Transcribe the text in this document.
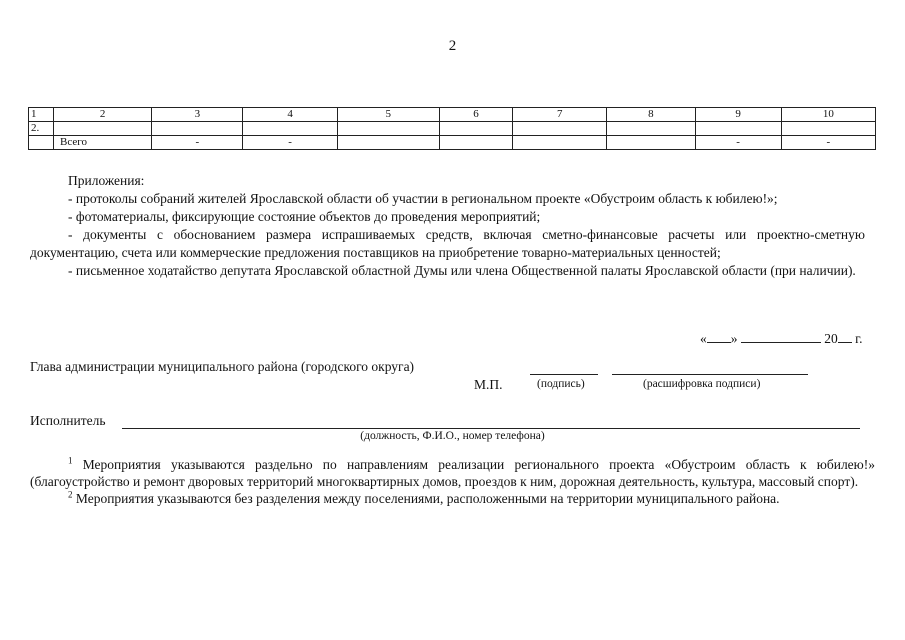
2
1	2	3	4	5	6	7	8	9	10
2.									
	Всего	-	-					-	-

Приложения:

- протоколы собраний жителей Ярославской области об участии в региональном проекте «Обустроим область к юбилею!»;

- фотоматериалы, фиксирующие состояние объектов до проведения мероприятий;

- документы с обоснованием размера испрашиваемых средств, включая сметно-финансовые расчеты или проектно-сметную документацию, счета или коммерческие предложения поставщиков на приобретение товарно-материальных ценностей;

- письменное ходатайство депутата Ярославской областной Думы или члена Общественной палаты Ярославской области (при наличии).

« »	20 г.
Глава администрации муниципального района (городского округа)
М.П.	(подпись)	(расшифровка подписи)
Исполнитель
(должность, Ф.И.О., номер телефона)

$^1$ Мероприятия указываются раздельно по направлениям реализации регионального проекта «Обустроим область к юбилею!» (благоустройство и ремонт дворовых территорий многоквартирных домов, проездов к ним, дорожная деятельность, культура, массовый спорт).

$^2$ Мероприятия указываются без разделения между поселениями, расположенными на территории муниципального района.
